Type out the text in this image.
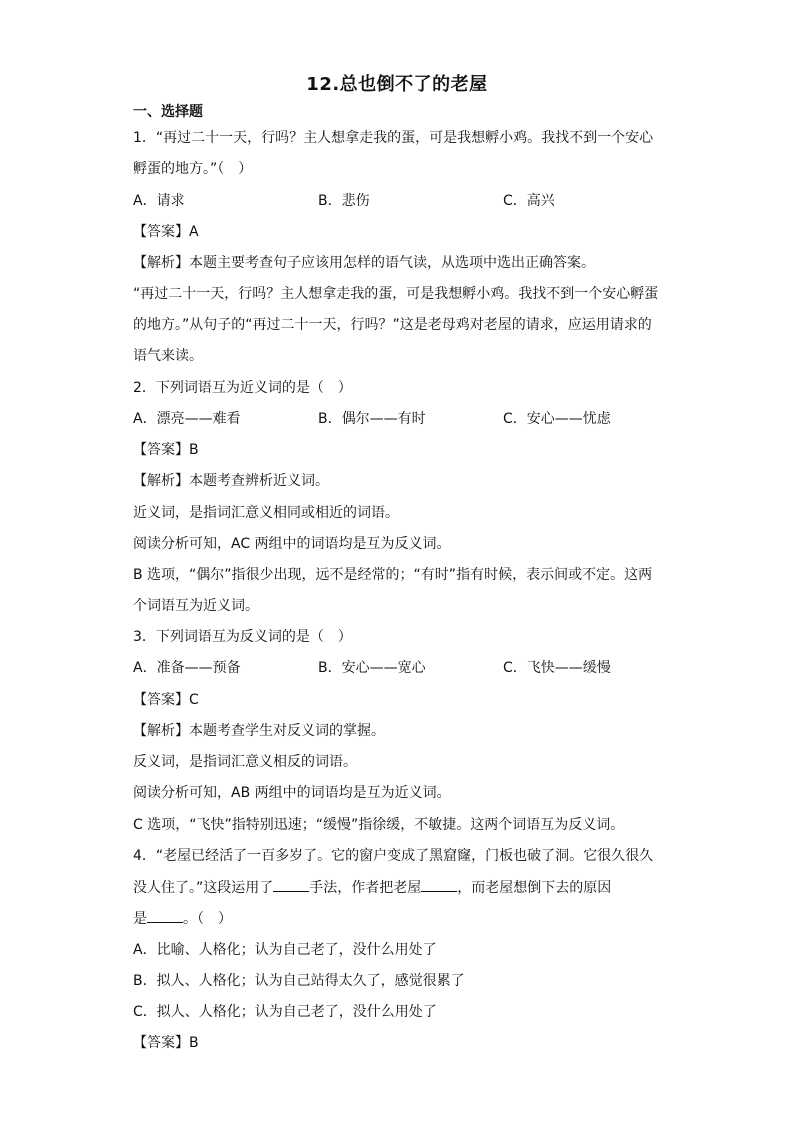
12.总也倒不了的老屋
一、选择题
1．“再过二十一天，行吗？主人想拿走我的蛋，可是我想孵小鸡。我找不到一个安心
孵蛋的地方。”（　）
A．请求	B．悲伤	C．高兴
【答案】A
【解析】本题主要考查句子应该用怎样的语气读，从选项中选出正确答案。
“再过二十一天，行吗？主人想拿走我的蛋，可是我想孵小鸡。我找不到一个安心孵蛋
的地方。”从句子的“再过二十一天，行吗？”这是老母鸡对老屋的请求，应运用请求的
语气来读。
2．下列词语互为近义词的是（　）
A．漂亮——难看	B．偶尔——有时	C．安心——忧虑
【答案】B
【解析】本题考查辨析近义词。
近义词，是指词汇意义相同或相近的词语。
阅读分析可知，AC 两组中的词语均是互为反义词。
B 选项，“偶尔”指很少出现，远不是经常的；“有时”指有时候，表示间或不定。这两
个词语互为近义词。
3．下列词语互为反义词的是（　）
A．准备——预备	B．安心——宽心	C．飞快——缓慢
【答案】C
【解析】本题考查学生对反义词的掌握。
反义词，是指词汇意义相反的词语。
阅读分析可知，AB 两组中的词语均是互为近义词。
C 选项，“飞快”指特别迅速；“缓慢”指徐缓，不敏捷。这两个词语互为反义词。
4．“老屋已经活了一百多岁了。它的窗户变成了黑窟窿，门板也破了洞。它很久很久
没人住了。”这段运用了	手法，作者把老屋	，而老屋想倒下去的原因
是	。（　）
A．比喻、人格化；认为自己老了，没什么用处了
B．拟人、人格化；认为自己站得太久了，感觉很累了
C．拟人、人格化；认为自己老了，没什么用处了
【答案】B
